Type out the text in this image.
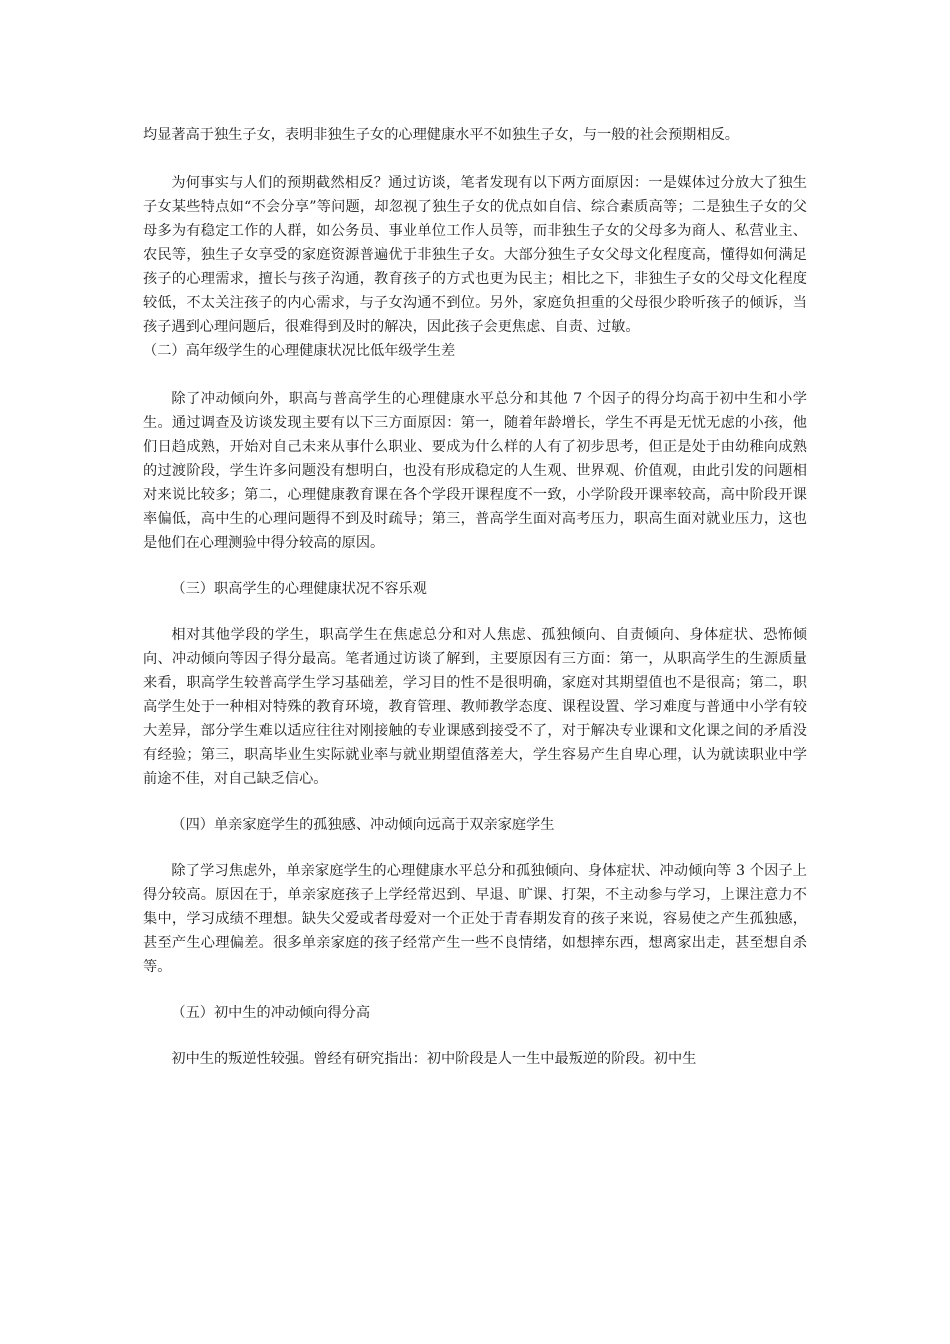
均显著高于独生子女，表明非独生子女的心理健康水平不如独生子女，与一般的社会预期相反。

为何事实与人们的预期截然相反？通过访谈，笔者发现有以下两方面原因：一是媒体过分放大了独生子女某些特点如“不会分享”等问题，却忽视了独生子女的优点如自信、综合素质高等；二是独生子女的父母多为有稳定工作的人群，如公务员、事业单位工作人员等，而非独生子女的父母多为商人、私营业主、农民等，独生子女享受的家庭资源普遍优于非独生子女。大部分独生子女父母文化程度高，懂得如何满足孩子的心理需求，擅长与孩子沟通，教育孩子的方式也更为民主；相比之下，非独生子女的父母文化程度较低，不太关注孩子的内心需求，与子女沟通不到位。另外，家庭负担重的父母很少聆听孩子的倾诉，当孩子遇到心理问题后，很难得到及时的解决，因此孩子会更焦虑、自责、过敏。

（二）高年级学生的心理健康状况比低年级学生差

除了冲动倾向外，职高与普高学生的心理健康水平总分和其他 7 个因子的得分均高于初中生和小学生。通过调查及访谈发现主要有以下三方面原因：第一，随着年龄增长，学生不再是无忧无虑的小孩，他们日趋成熟，开始对自己未来从事什么职业、要成为什么样的人有了初步思考，但正是处于由幼稚向成熟的过渡阶段，学生许多问题没有想明白，也没有形成稳定的人生观、世界观、价值观，由此引发的问题相对来说比较多；第二，心理健康教育课在各个学段开课程度不一致，小学阶段开课率较高，高中阶段开课率偏低，高中生的心理问题得不到及时疏导；第三，普高学生面对高考压力，职高生面对就业压力，这也是他们在心理测验中得分较高的原因。

（三）职高学生的心理健康状况不容乐观

相对其他学段的学生，职高学生在焦虑总分和对人焦虑、孤独倾向、自责倾向、身体症状、恐怖倾向、冲动倾向等因子得分最高。笔者通过访谈了解到，主要原因有三方面：第一，从职高学生的生源质量来看，职高学生较普高学生学习基础差，学习目的性不是很明确，家庭对其期望值也不是很高；第二，职高学生处于一种相对特殊的教育环境，教育管理、教师教学态度、课程设置、学习难度与普通中小学有较大差异，部分学生难以适应往往对刚接触的专业课感到接受不了，对于解决专业课和文化课之间的矛盾没有经验；第三，职高毕业生实际就业率与就业期望值落差大，学生容易产生自卑心理，认为就读职业中学前途不佳，对自己缺乏信心。

（四）单亲家庭学生的孤独感、冲动倾向远高于双亲家庭学生

除了学习焦虑外，单亲家庭学生的心理健康水平总分和孤独倾向、身体症状、冲动倾向等 3 个因子上得分较高。原因在于，单亲家庭孩子上学经常迟到、早退、旷课、打架，不主动参与学习，上课注意力不集中，学习成绩不理想。缺失父爱或者母爱对一个正处于青春期发育的孩子来说，容易使之产生孤独感，甚至产生心理偏差。很多单亲家庭的孩子经常产生一些不良情绪，如想摔东西，想离家出走，甚至想自杀等。

（五）初中生的冲动倾向得分高

初中生的叛逆性较强。曾经有研究指出：初中阶段是人一生中最叛逆的阶段。初中生
